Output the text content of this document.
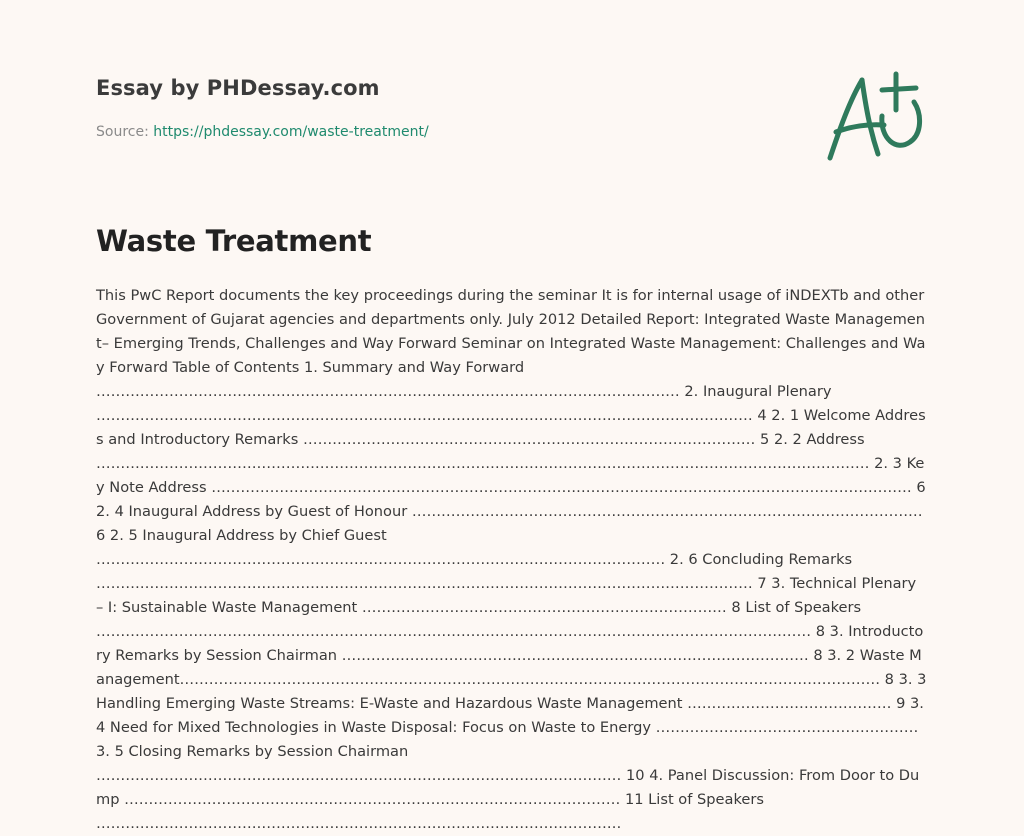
Essay by PHDessay.com
Source: https://phdessay.com/waste-treatment/
Waste Treatment

This PwC Report documents the key proceedings during the seminar It is for internal usage of iNDEXTb and other Government of Gujarat agencies and departments only. July 2012 Detailed Report: Integrated Waste Management– Emerging Trends, Challenges and Way Forward Seminar on Integrated Waste Management: Challenges and Way Forward Table of Contents 1. Summary and Way Forward ………………………………………………………………………………………………………… 2. Inaugural Plenary ……………………………………………………………………………………………………………………… 4 2. 1 Welcome Address and Introductory Remarks ………………………………………………………………………………… 5 2. 2 Address …………………………………………………………………………………………………………………………………………… 2. 3 Key Note Address ……………………………………………………………………………………………………………………………… 6 2. 4 Inaugural Address by Guest of Honour …………………………………………………………………………………………… 6 2. 5 Inaugural Address by Chief Guest ……………………………………………………………………………………………………… 2. 6 Concluding Remarks ……………………………………………………………………………………………………………………… 7 3. Technical Plenary – I: Sustainable Waste Management ………………………………………………………………… 8 List of Speakers ………………………………………………………………………………………………………………………………… 8 3. Introductory Remarks by Session Chairman …………………………………………………………………………………… 8 3. 2 Waste Management……………………………………………………………………………………………………………………………… 8 3. 3 Handling Emerging Waste Streams: E-Waste and Hazardous Waste Management …………………………………… 9 3. 4 Need for Mixed Technologies in Waste Disposal: Focus on Waste to Energy ……………………………………………… 3. 5 Closing Remarks by Session Chairman ……………………………………………………………………………………………… 10 4. Panel Discussion: From Door to Dump ………………………………………………………………………………………… 11 List of Speakers ………………………………………………………………………………………………
